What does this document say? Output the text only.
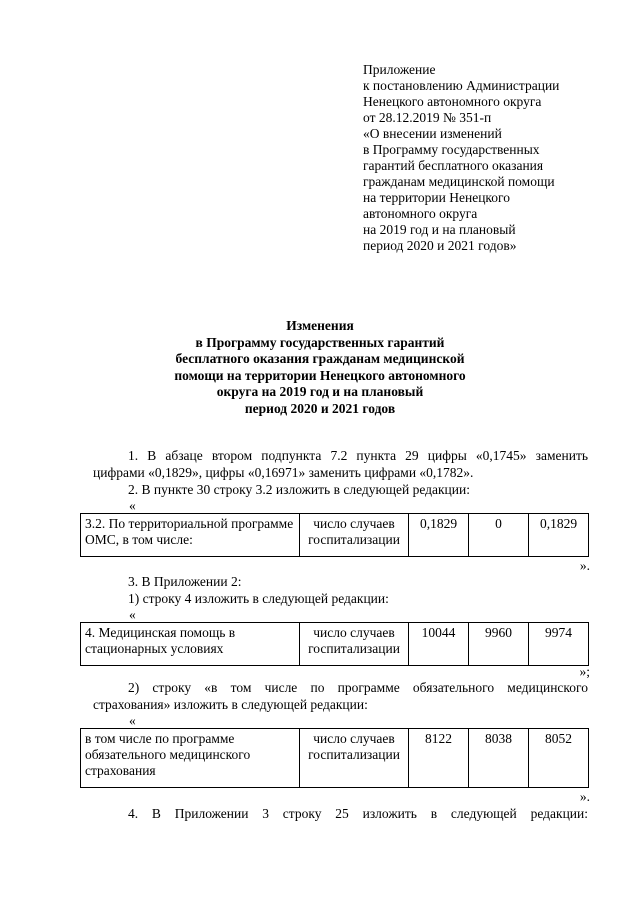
Приложение
к постановлению Администрации
Ненецкого автономного округа
от 28.12.2019 № 351-п
«О внесении изменений
в Программу государственных
гарантий бесплатного оказания
гражданам медицинской помощи
на территории Ненецкого
автономного округа
на 2019 год и на плановый
период 2020 и 2021 годов»
Изменения
в Программу государственных гарантий
бесплатного оказания гражданам медицинской
помощи на территории Ненецкого автономного
округа на 2019 год и на плановый
период 2020 и 2021 годов
1. В абзаце втором подпункта 7.2 пункта 29 цифры «0,1745» заменить
цифрами «0,1829», цифры «0,16971» заменить цифрами «0,1782».
2. В пункте 30 строку 3.2 изложить в следующей редакции:
«
3.2. По территориальной программе ОМС, в том числе:	число случаев госпитализации	0,1829	0	0,1829
».
3. В Приложении 2:
1) строку 4 изложить в следующей редакции:
«
4. Медицинская помощь в стационарных условиях	число случаев госпитализации	10044	9960	9974
»;
2) строку «в том числе по программе обязательного медицинского
страхования» изложить в следующей редакции:
«
в том числе по программе обязательного медицинского страхования	число случаев госпитализации	8122	8038	8052
».
4. В Приложении 3 строку 25 изложить в следующей редакции:
